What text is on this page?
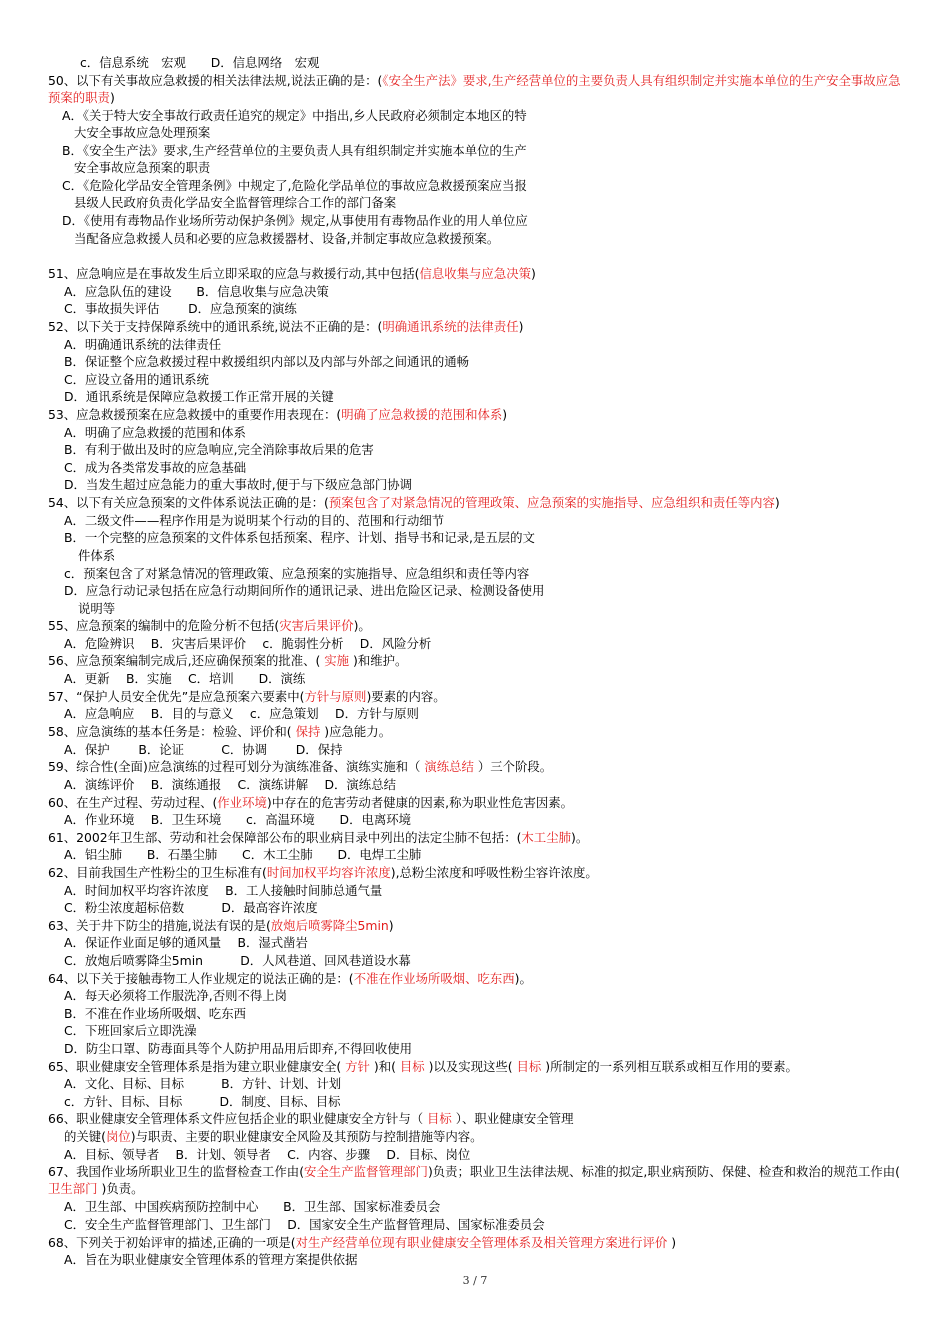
c．信息系统　宏观　　D．信息网络　宏观
50、以下有关事故应急救援的相关法律法规,说法正确的是：(《安全生产法》要求,生产经营单位的主要负责人具有组织制定并实施本单位的生产安全事故应急预案的职责)
A．《关于特大安全事故行政责任追究的规定》中指出,乡人民政府必须制定本地区的特
大安全事故应急处理预案
B．《安全生产法》要求,生产经营单位的主要负责人具有组织制定并实施本单位的生产
安全事故应急预案的职责
C．《危险化学品安全管理条例》中规定了,危险化学品单位的事故应急救援预案应当报
县级人民政府负责化学品安全监督管理综合工作的部门备案
D．《使用有毒物品作业场所劳动保护条例》规定,从事使用有毒物品作业的用人单位应
当配备应急救援人员和必要的应急救援器材、设备,并制定事故应急救援预案。
51、应急响应是在事故发生后立即采取的应急与救援行动,其中包括(信息收集与应急决策)
A．应急队伍的建设　　B．信息收集与应急决策
C．事故损失评估　　 D．应急预案的演练
52、以下关于支持保障系统中的通讯系统,说法不正确的是：(明确通讯系统的法律责任)
A．明确通讯系统的法律责任
B．保证整个应急救援过程中救援组织内部以及内部与外部之间通讯的通畅
C．应设立备用的通讯系统
D．通讯系统是保障应急救援工作正常开展的关键
53、应急救援预案在应急救援中的重要作用表现在：(明确了应急救援的范围和体系)
A．明确了应急救援的范围和体系
B．有利于做出及时的应急响应,完全消除事故后果的危害
C．成为各类常发事故的应急基础
D．当发生超过应急能力的重大事故时,便于与下级应急部门协调
54、以下有关应急预案的文件体系说法正确的是：(预案包含了对紧急情况的管理政策、应急预案的实施指导、应急组织和责任等内容)
A．二级文件——程序作用是为说明某个行动的目的、范围和行动细节
B．一个完整的应急预案的文件体系包括预案、程序、计划、指导书和记录,是五层的文
件体系
c．预案包含了对紧急情况的管理政策、应急预案的实施指导、应急组织和责任等内容
D．应急行动记录包括在应急行动期间所作的通讯记录、进出危险区记录、检测设备使用
说明等
55、应急预案的编制中的危险分析不包括(灾害后果评价)。
A．危险辨识　 B．灾害后果评价　 c．脆弱性分析　 D．风险分析
56、应急预案编制完成后,还应确保预案的批准、( 实施 )和维护。
A．更新　 B．实施　 C．培训　　D．演练
57、“保护人员安全优先”是应急预案六要素中(方针与原则)要素的内容。
A．应急响应　 B．目的与意义　 c．应急策划　 D．方针与原则
58、应急演练的基本任务是：检验、评价和( 保持 )应急能力。
A．保护　　 B．论证　　　C．协调　　 D．保持
59、综合性(全面)应急演练的过程可划分为演练准备、演练实施和（ 演练总结 ）三个阶段。
A．演练评价　 B．演练通报　 C．演练讲解　 D．演练总结
60、在生产过程、劳动过程、(作业环境)中存在的危害劳动者健康的因素,称为职业性危害因素。
A．作业环境　 B．卫生环境　　c．高温环境　　D．电离环境
61、2002年卫生部、劳动和社会保障部公布的职业病目录中列出的法定尘肺不包括：(木工尘肺)。
A．铝尘肺　　B．石墨尘肺　　C．木工尘肺　　D．电焊工尘肺
62、目前我国生产性粉尘的卫生标准有(时间加权平均容许浓度),总粉尘浓度和呼吸性粉尘容许浓度。
A．时间加权平均容许浓度　 B．工人接触时间肺总通气量
C．粉尘浓度超标倍数　　　D．最高容许浓度
63、关于井下防尘的措施,说法有误的是(放炮后喷雾降尘5min)
A．保证作业面足够的通风量　 B．湿式凿岩
C．放炮后喷雾降尘5min　　　D．人风巷道、回风巷道设水幕
64、以下关于接触毒物工人作业规定的说法正确的是：(不准在作业场所吸烟、吃东西)。
A．每天必须将工作服洗净,否则不得上岗
B．不准在作业场所吸烟、吃东西
C．下班回家后立即洗澡
D．防尘口罩、防毒面具等个人防护用品用后即弃,不得回收使用
65、职业健康安全管理体系是指为建立职业健康安全( 方针 )和( 目标 )以及实现这些( 目标 )所制定的一系列相互联系或相互作用的要素。
A．文化、目标、目标　　　B．方针、计划、计划
c．方针、目标、目标　　　D．制度、目标、目标
66、职业健康安全管理体系文件应包括企业的职业健康安全方针与（ 目标 ）、职业健康安全管理
的关键(岗位)与职责、主要的职业健康安全风险及其预防与控制措施等内容。
A．目标、领导者　 B．计划、领导者　 C．内容、步骤　 D．目标、岗位
67、我国作业场所职业卫生的监督检查工作由(安全生产监督管理部门)负责；职业卫生法律法规、标准的拟定,职业病预防、保健、检查和救治的规范工作由( 卫生部门 )负责。
A．卫生部、中国疾病预防控制中心　　B．卫生部、国家标准委员会
C．安全生产监督管理部门、卫生部门　 D．国家安全生产监督管理局、国家标准委员会
68、下列关于初始评审的描述,正确的一项是(对生产经营单位现有职业健康安全管理体系及相关管理方案进行评价 )
A．旨在为职业健康安全管理体系的管理方案提供依据
3 / 7
